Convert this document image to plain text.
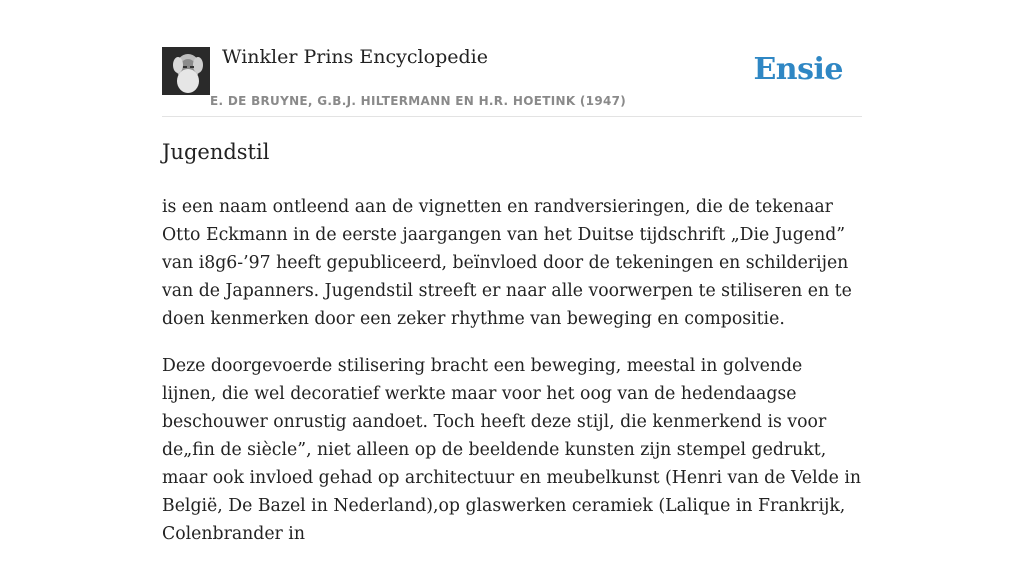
Winkler Prins Encyclopedie
E. DE BRUYNE, G.B.J. HILTERMANN EN H.R. HOETINK (1947)
Ensie
Jugendstil

is een naam ontleend aan de vignetten en randversieringen, die de tekenaar Otto Eckmann in de eerste jaargangen van het Duitse tijdschrift „Die Jugend” van i8g6-’97 heeft gepubliceerd, beïnvloed door de tekeningen en schilderijen van de Japanners. Jugendstil streeft er naar alle voorwerpen te stiliseren en te doen kenmerken door een zeker rhythme van beweging en compositie.

Deze doorgevoerde stilisering bracht een beweging, meestal in golvende lijnen, die wel decoratief werkte maar voor het oog van de hedendaagse beschouwer onrustig aandoet. Toch heeft deze stijl, die kenmerkend is voor de„fin de siècle”, niet alleen op de beeldende kunsten zijn stempel gedrukt, maar ook invloed gehad op architectuur en meubelkunst (Henri van de Velde in België, De Bazel in Nederland),op glaswerken ceramiek (Lalique in Frankrijk, Colenbrander in
